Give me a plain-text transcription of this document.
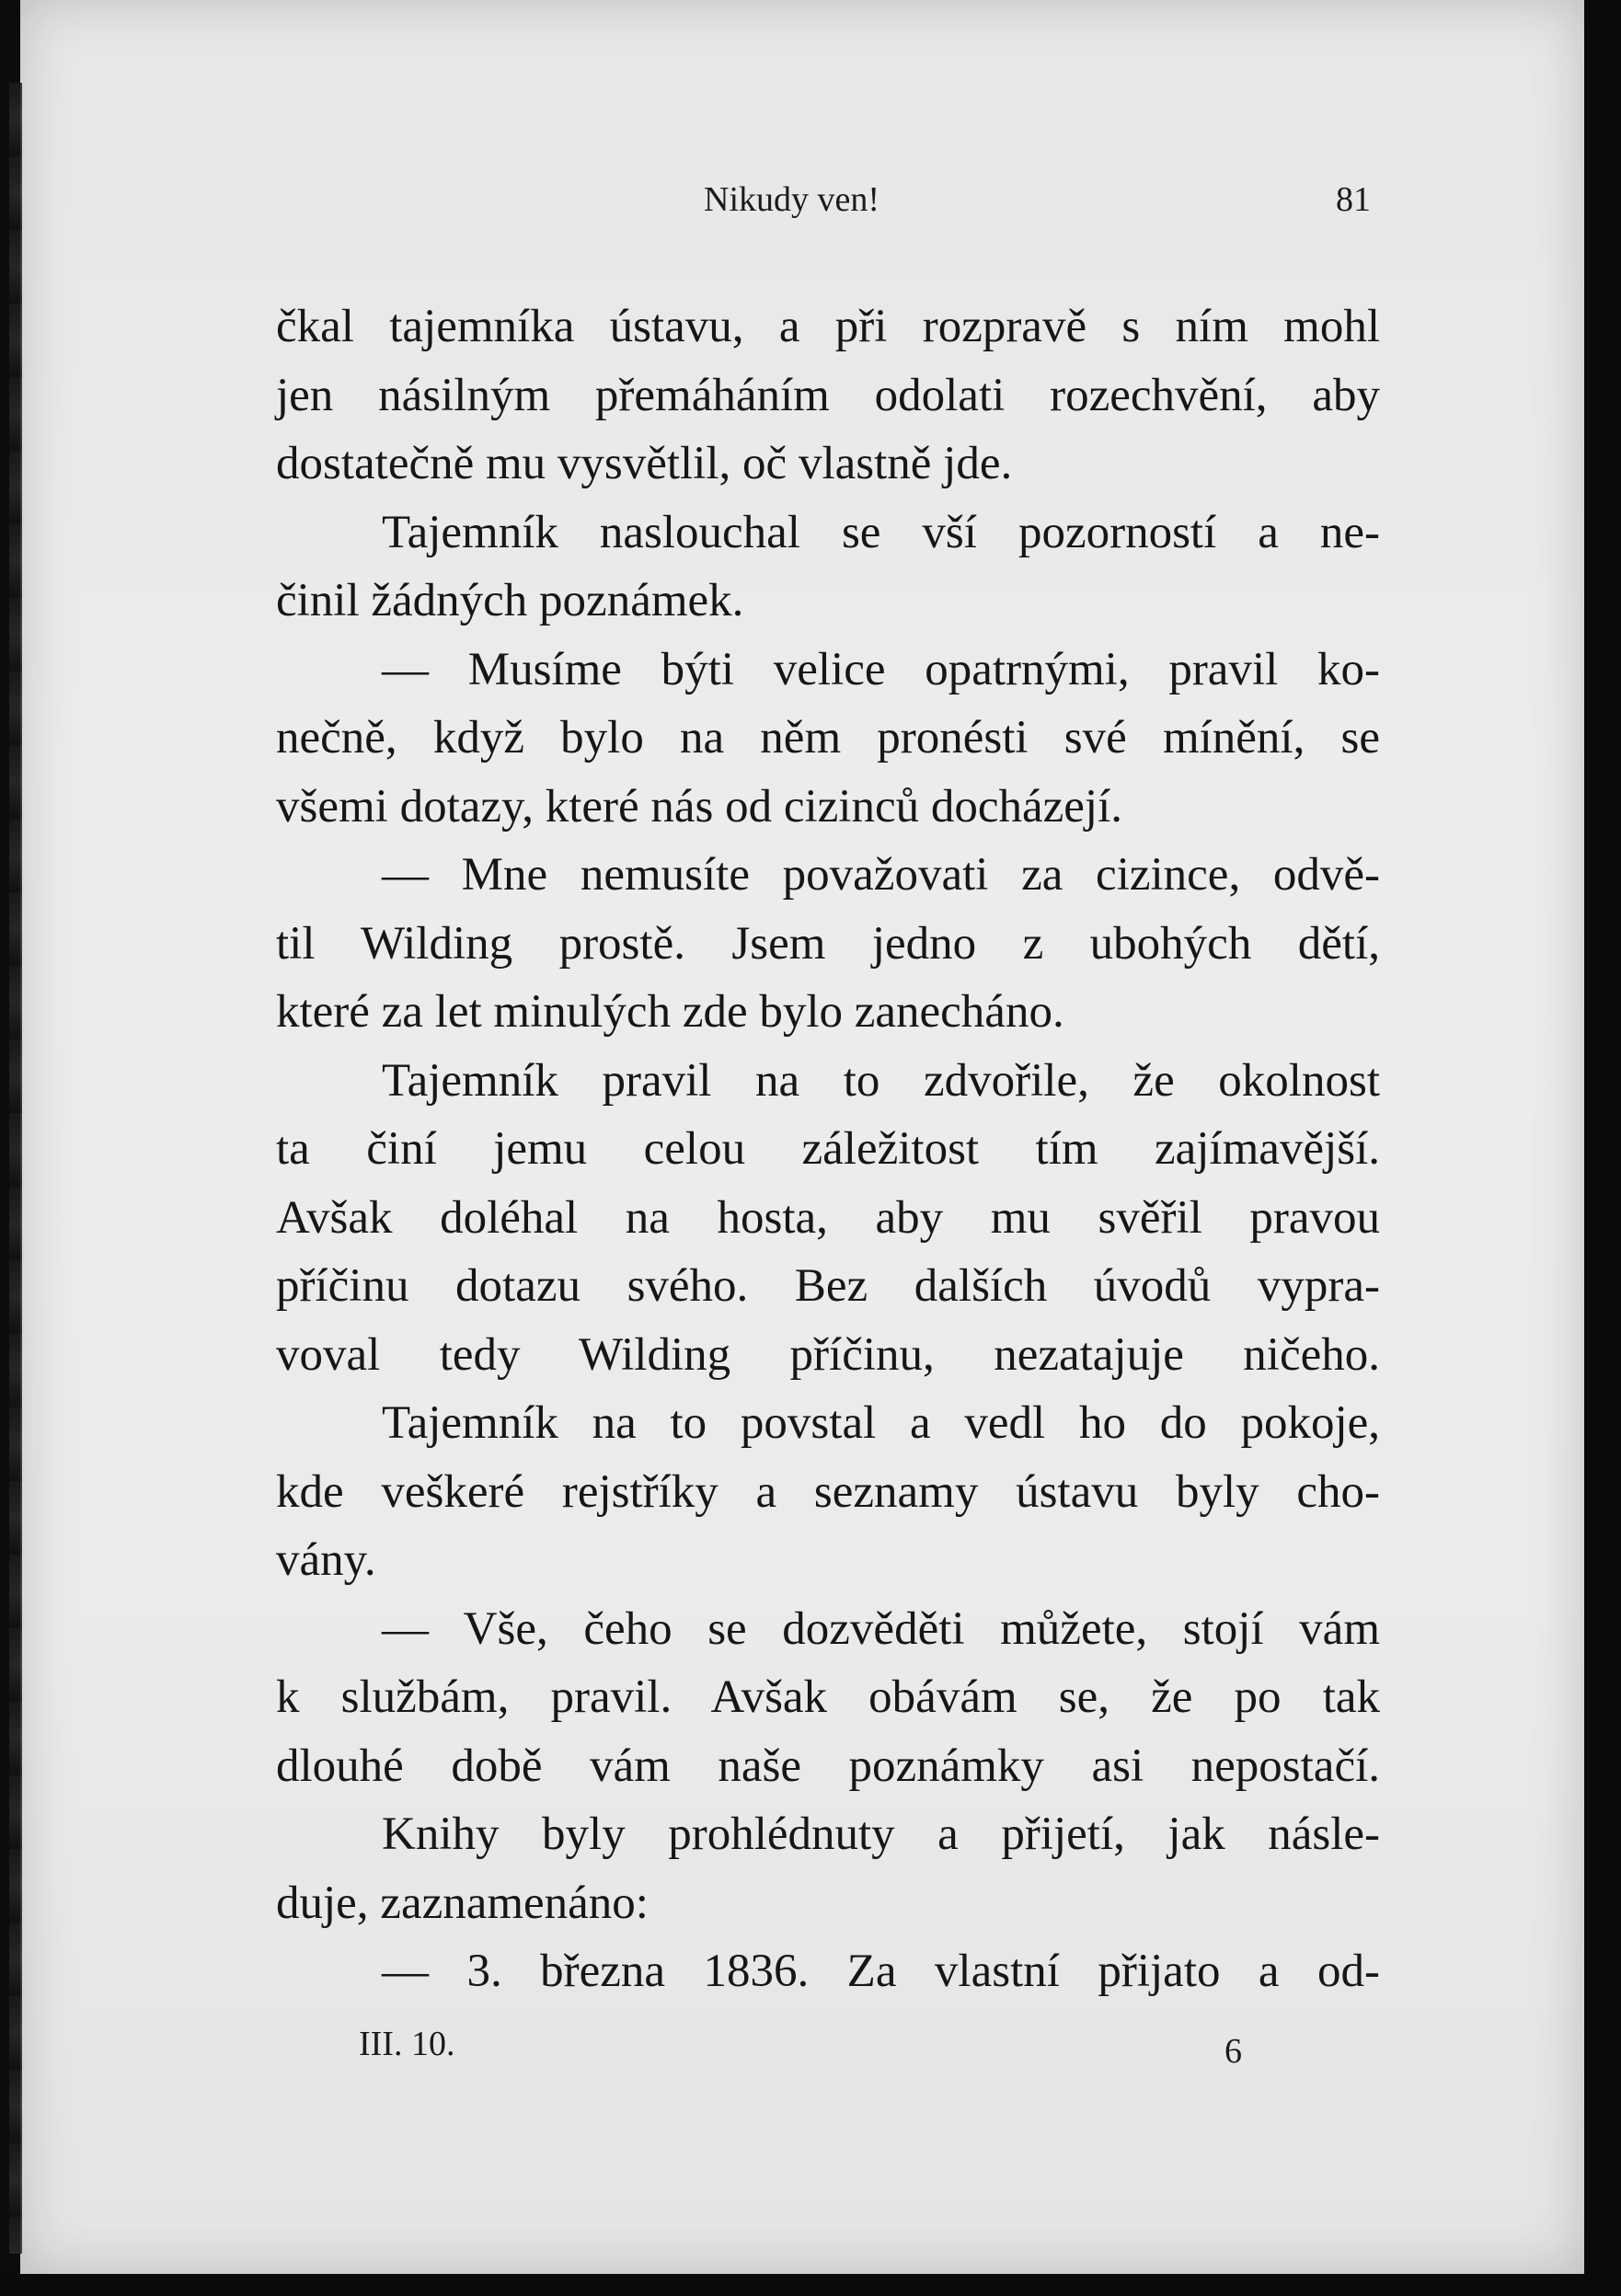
Nikudy ven!	81
čkal tajemníka ústavu, a při rozpravě s ním mohl
jen násilným přemáháním odolati rozechvění, aby
dostatečně mu vysvětlil, oč vlastně jde.
Tajemník naslouchal se vší pozorností a ne-
činil žádných poznámek.
— Musíme býti velice opatrnými, pravil ko-
nečně, když bylo na něm pronésti své mínění, se
všemi dotazy, které nás od cizinců docházejí.
— Mne nemusíte považovati za cizince, odvě-
til Wilding prostě. Jsem jedno z ubohých dětí,
které za let minulých zde bylo zanecháno.
Tajemník pravil na to zdvořile, že okolnost
ta činí jemu celou záležitost tím zajímavější.
Avšak doléhal na hosta, aby mu svěřil pravou
příčinu dotazu svého. Bez dalších úvodů vypra-
voval tedy Wilding příčinu, nezatajuje ničeho.
Tajemník na to povstal a vedl ho do pokoje,
kde veškeré rejstříky a seznamy ústavu byly cho-
vány.
— Vše, čeho se dozvěděti můžete, stojí vám
k službám, pravil. Avšak obávám se, že po tak
dlouhé době vám naše poznámky asi nepostačí.
Knihy byly prohlédnuty a přijetí, jak násle-
duje, zaznamenáno:
— 3. března 1836. Za vlastní přijato a od-
III. 10.	6
